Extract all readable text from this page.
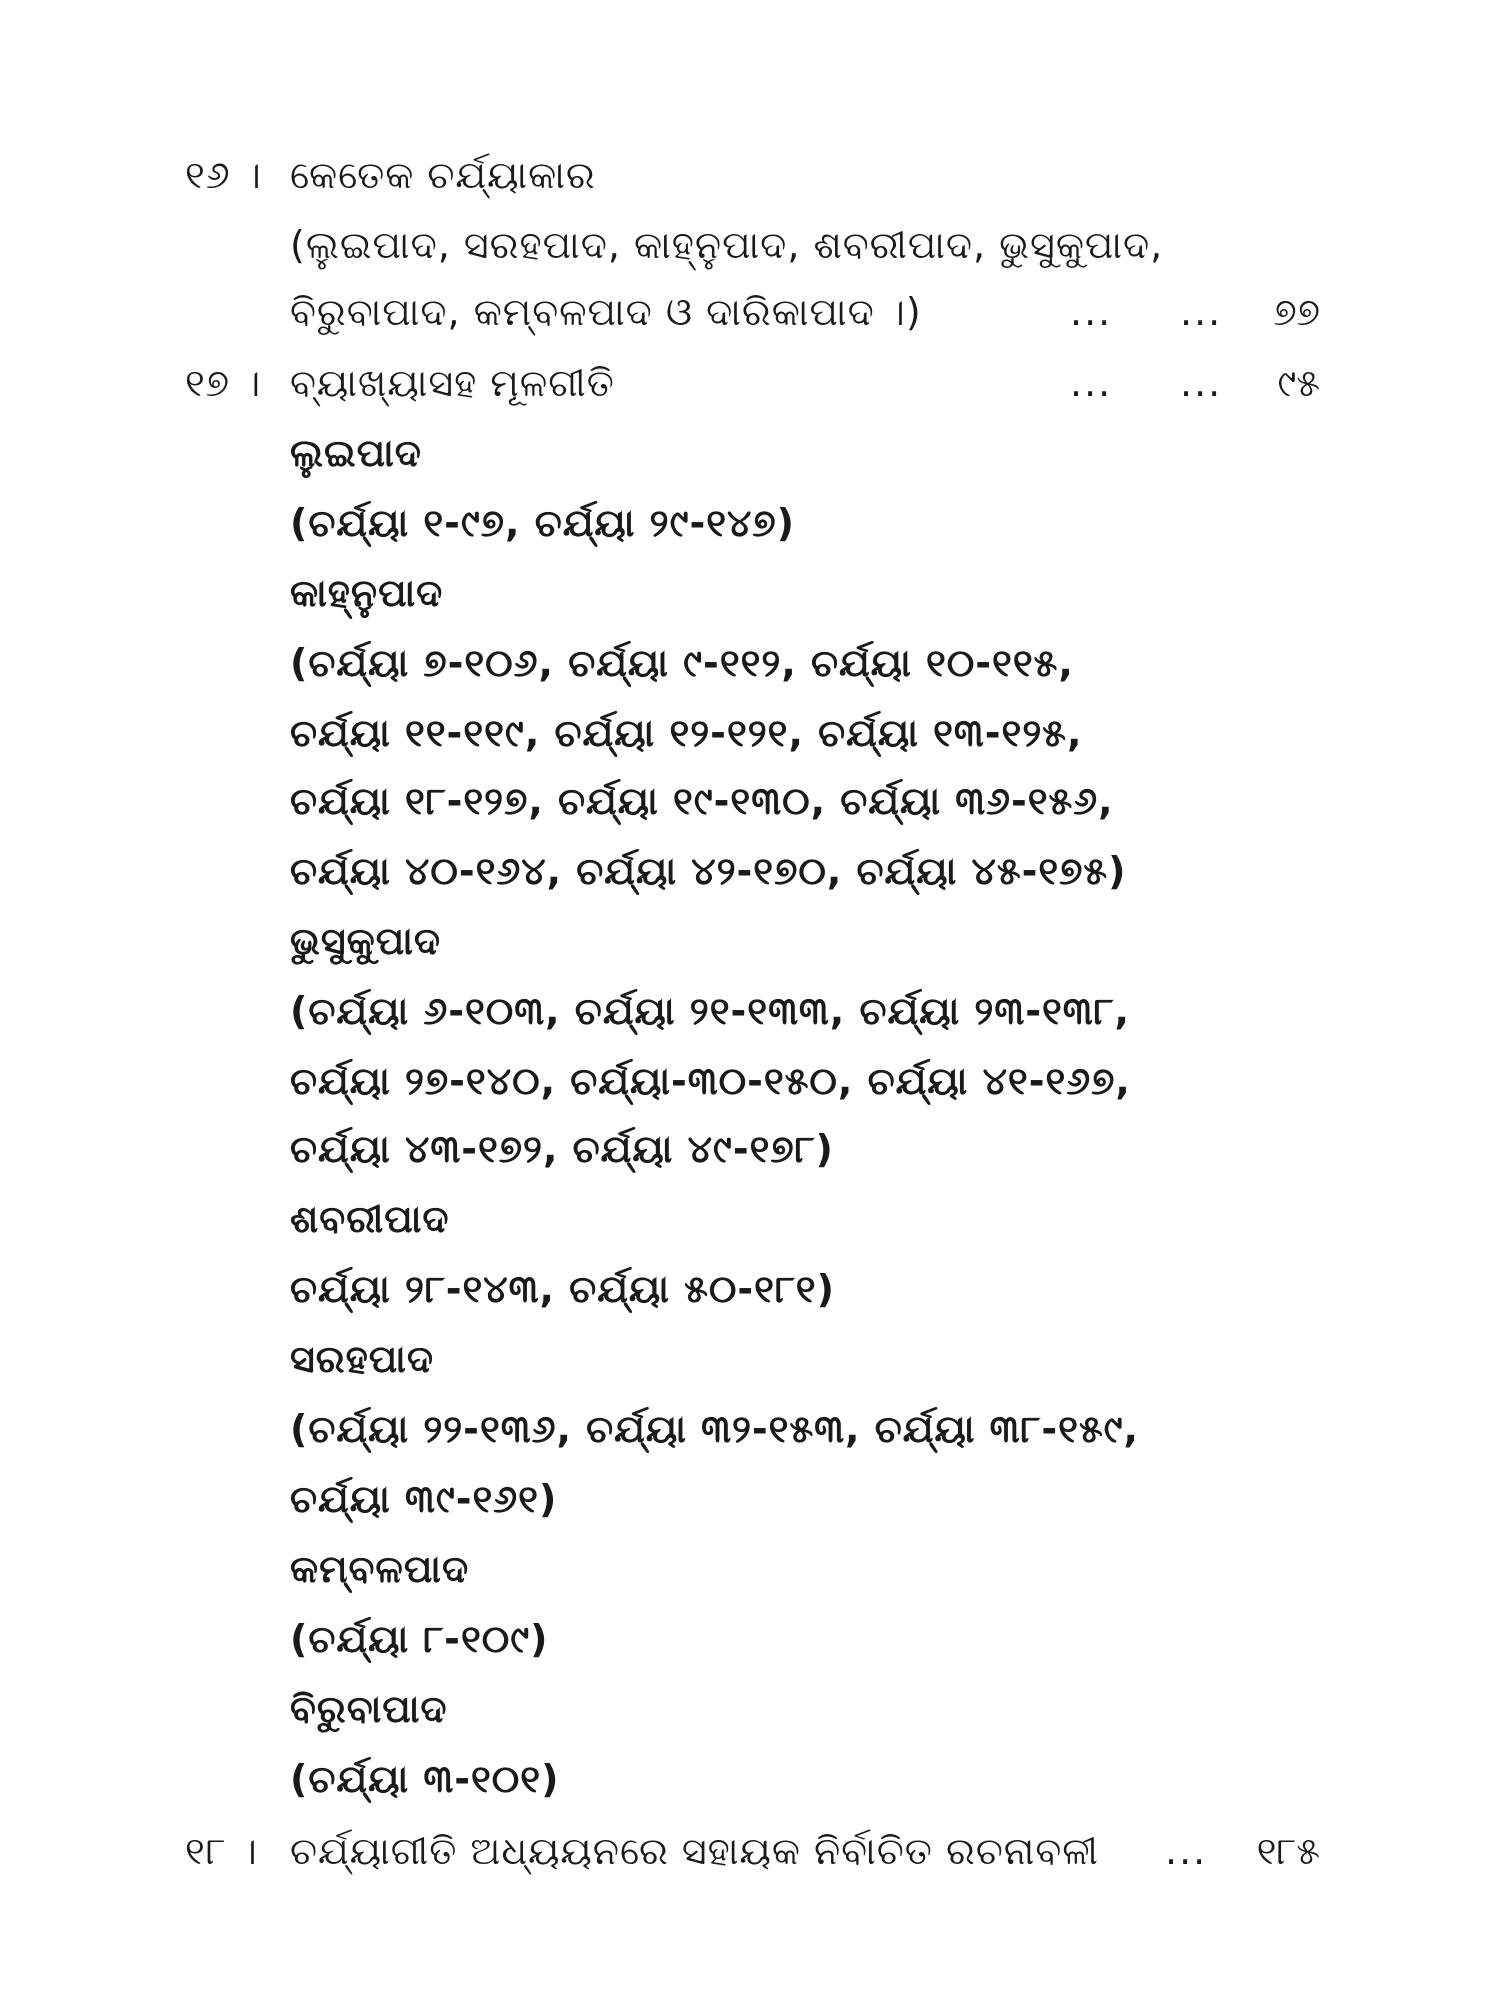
୧୬ । କେତେକ ଚର୍ଯ୍ୟାକାର
(ଲୁଇପାଦ, ସରହପାଦ, କାହ୍ନୁପାଦ, ଶବରୀପାଦ, ଭୁସୁକୁପାଦ,
ବିରୁବାପାଦ, କମ୍ବଳପାଦ ଓ ଦାରିକାପାଦ ।)	... ...	୭୭
୧୭ । ବ୍ୟାଖ୍ୟାସହ ମୂଳଗୀତି	... ...	୯୫
ଲୁଇପାଦ
(ଚର୍ଯ୍ୟା ୧-୯୭, ଚର୍ଯ୍ୟା ୨୯-୧୪୭)
କାହ୍ନୁପାଦ
(ଚର୍ଯ୍ୟା ୭-୧୦୬, ଚର୍ଯ୍ୟା ୯-୧୧୨, ଚର୍ଯ୍ୟା ୧୦-୧୧୫,
ଚର୍ଯ୍ୟା ୧୧-୧୧୯, ଚର୍ଯ୍ୟା ୧୨-୧୨୧, ଚର୍ଯ୍ୟା ୧୩-୧୨୫,
ଚର୍ଯ୍ୟା ୧୮-୧୨୭, ଚର୍ଯ୍ୟା ୧୯-୧୩୦, ଚର୍ଯ୍ୟା ୩୬-୧୫୬,
ଚର୍ଯ୍ୟା ୪୦-୧୬୪, ଚର୍ଯ୍ୟା ୪୨-୧୭୦, ଚର୍ଯ୍ୟା ୪୫-୧୭୫)
ଭୁସୁକୁପାଦ
(ଚର୍ଯ୍ୟା ୬-୧୦୩, ଚର୍ଯ୍ୟା ୨୧-୧୩୩, ଚର୍ଯ୍ୟା ୨୩-୧୩୮,
ଚର୍ଯ୍ୟା ୨୭-୧୪୦, ଚର୍ଯ୍ୟା-୩୦-୧୫୦, ଚର୍ଯ୍ୟା ୪୧-୧୬୭,
ଚର୍ଯ୍ୟା ୪୩-୧୭୨, ଚର୍ଯ୍ୟା ୪୯-୧୭୮)
ଶବରୀପାଦ
ଚର୍ଯ୍ୟା ୨୮-୧୪୩, ଚର୍ଯ୍ୟା ୫୦-୧୮୧)
ସରହପାଦ
(ଚର୍ଯ୍ୟା ୨୨-୧୩୬, ଚର୍ଯ୍ୟା ୩୨-୧୫୩, ଚର୍ଯ୍ୟା ୩୮-୧୫୯,
ଚର୍ଯ୍ୟା ୩୯-୧୬୧)
କମ୍ବଳପାଦ
(ଚର୍ଯ୍ୟା ୮-୧୦୯)
ବିରୁବାପାଦ
(ଚର୍ଯ୍ୟା ୩-୧୦୧)
୧୮ । ଚର୍ଯ୍ୟାଗୀତି ଅଧ୍ୟୟନରେ ସହାୟକ ନିର୍ବାଚିତ ରଚନାବଳୀ ...	୧୮୫
